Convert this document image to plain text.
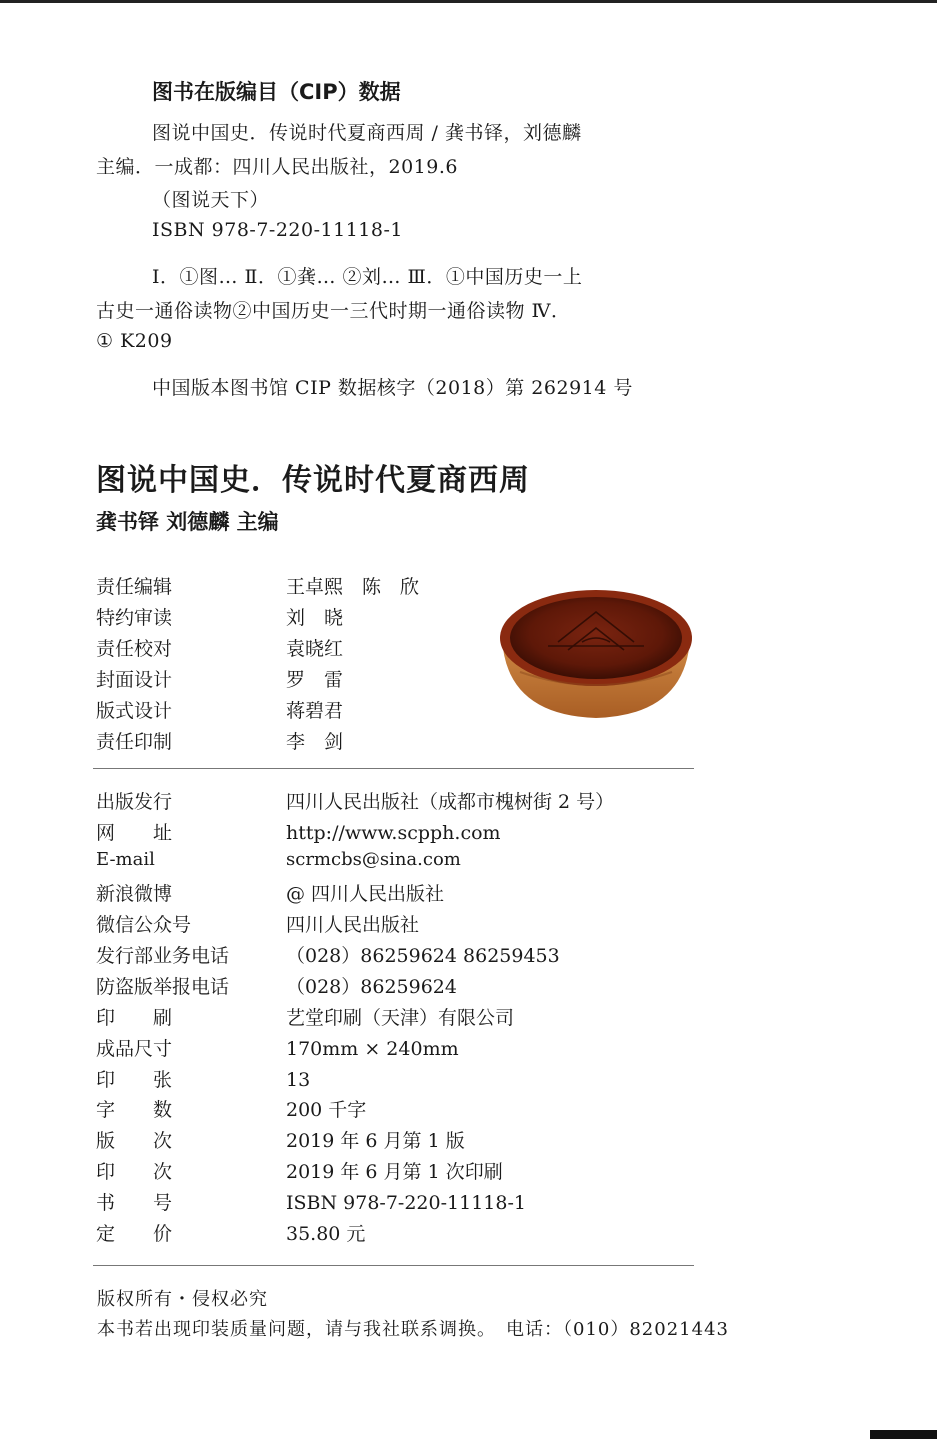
图书在版编目（CIP）数据
图说中国史．传说时代夏商西周 / 龚书铎，刘德麟
主编．一成都：四川人民出版社，2019.6
（图说天下）
ISBN 978-7-220-11118-1
Ⅰ．①图… Ⅱ．①龚… ②刘… Ⅲ．①中国历史一上
古史一通俗读物②中国历史一三代时期一通俗读物 Ⅳ．
① K209
中国版本图书馆 CIP 数据核字（2018）第 262914 号
图说中国史．传说时代夏商西周
龚书铎 刘德麟 主编
责任编辑	王卓熙　陈　欣
特约审读	刘　晓
责任校对	袁晓红
封面设计	罗　雷
版式设计	蒋碧君
责任印制	李　剑
出版发行	四川人民出版社（成都市槐树街 2 号）
网　　址	http://www.scpph.com
E-mail	scrmcbs@sina.com
新浪微博	@ 四川人民出版社
微信公众号	四川人民出版社
发行部业务电话	（028）86259624 86259453
防盗版举报电话	（028）86259624
印　　刷	艺堂印刷（天津）有限公司
成品尺寸	170mm × 240mm
印　　张	13
字　　数	200 千字
版　　次	2019 年 6 月第 1 版
印　　次	2019 年 6 月第 1 次印刷
书　　号	ISBN 978-7-220-11118-1
定　　价	35.80 元
版权所有・侵权必究
本书若出现印装质量问题，请与我社联系调换。　电话：（010）82021443
